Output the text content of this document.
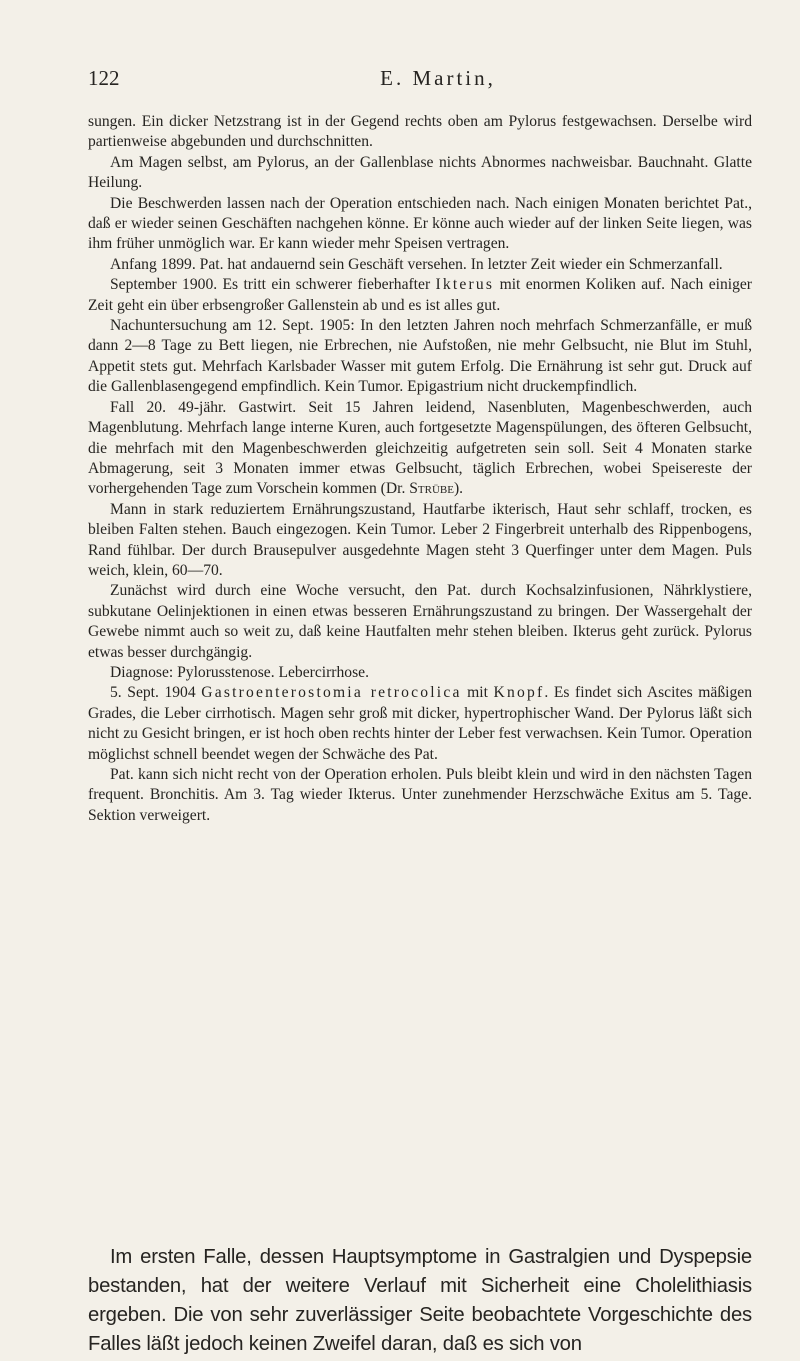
122	E. Martin,

sungen. Ein dicker Netzstrang ist in der Gegend rechts oben am Pylorus festgewachsen. Derselbe wird partienweise abgebunden und durchschnitten.

Am Magen selbst, am Pylorus, an der Gallenblase nichts Abnormes nachweisbar. Bauchnaht. Glatte Heilung.

Die Beschwerden lassen nach der Operation entschieden nach. Nach einigen Monaten berichtet Pat., daß er wieder seinen Geschäften nachgehen könne. Er könne auch wieder auf der linken Seite liegen, was ihm früher unmöglich war. Er kann wieder mehr Speisen vertragen.

Anfang 1899. Pat. hat andauernd sein Geschäft versehen. In letzter Zeit wieder ein Schmerzanfall.

September 1900. Es tritt ein schwerer fieberhafter Ikterus mit enormen Koliken auf. Nach einiger Zeit geht ein über erbsengroßer Gallenstein ab und es ist alles gut.

Nachuntersuchung am 12. Sept. 1905: In den letzten Jahren noch mehrfach Schmerzanfälle, er muß dann 2—8 Tage zu Bett liegen, nie Erbrechen, nie Aufstoßen, nie mehr Gelbsucht, nie Blut im Stuhl, Appetit stets gut. Mehrfach Karlsbader Wasser mit gutem Erfolg. Die Ernährung ist sehr gut. Druck auf die Gallenblasengegend empfindlich. Kein Tumor. Epigastrium nicht druckempfindlich.

Fall 20. 49-jähr. Gastwirt. Seit 15 Jahren leidend, Nasenbluten, Magenbeschwerden, auch Magenblutung. Mehrfach lange interne Kuren, auch fortgesetzte Magenspülungen, des öfteren Gelbsucht, die mehrfach mit den Magenbeschwerden gleichzeitig aufgetreten sein soll. Seit 4 Monaten starke Abmagerung, seit 3 Monaten immer etwas Gelbsucht, täglich Erbrechen, wobei Speisereste der vorhergehenden Tage zum Vorschein kommen (Dr. Strübe).

Mann in stark reduziertem Ernährungszustand, Hautfarbe ikterisch, Haut sehr schlaff, trocken, es bleiben Falten stehen. Bauch eingezogen. Kein Tumor. Leber 2 Fingerbreit unterhalb des Rippenbogens, Rand fühlbar. Der durch Brausepulver ausgedehnte Magen steht 3 Querfinger unter dem Magen. Puls weich, klein, 60—70.

Zunächst wird durch eine Woche versucht, den Pat. durch Kochsalzinfusionen, Nährklystiere, subkutane Oelinjektionen in einen etwas besseren Ernährungszustand zu bringen. Der Wassergehalt der Gewebe nimmt auch so weit zu, daß keine Hautfalten mehr stehen bleiben. Ikterus geht zurück. Pylorus etwas besser durchgängig.

Diagnose: Pylorusstenose. Lebercirrhose.

5. Sept. 1904 Gastroenterostomia retrocolica mit Knopf. Es findet sich Ascites mäßigen Grades, die Leber cirrhotisch. Magen sehr groß mit dicker, hypertrophischer Wand. Der Pylorus läßt sich nicht zu Gesicht bringen, er ist hoch oben rechts hinter der Leber fest verwachsen. Kein Tumor. Operation möglichst schnell beendet wegen der Schwäche des Pat.

Pat. kann sich nicht recht von der Operation erholen. Puls bleibt klein und wird in den nächsten Tagen frequent. Bronchitis. Am 3. Tag wieder Ikterus. Unter zunehmender Herzschwäche Exitus am 5. Tage. Sektion verweigert.

Im ersten Falle, dessen Hauptsymptome in Gastralgien und Dyspepsie bestanden, hat der weitere Verlauf mit Sicherheit eine Cholelithiasis ergeben. Die von sehr zuverlässiger Seite beobachtete Vorgeschichte des Falles läßt jedoch keinen Zweifel daran, daß es sich von
